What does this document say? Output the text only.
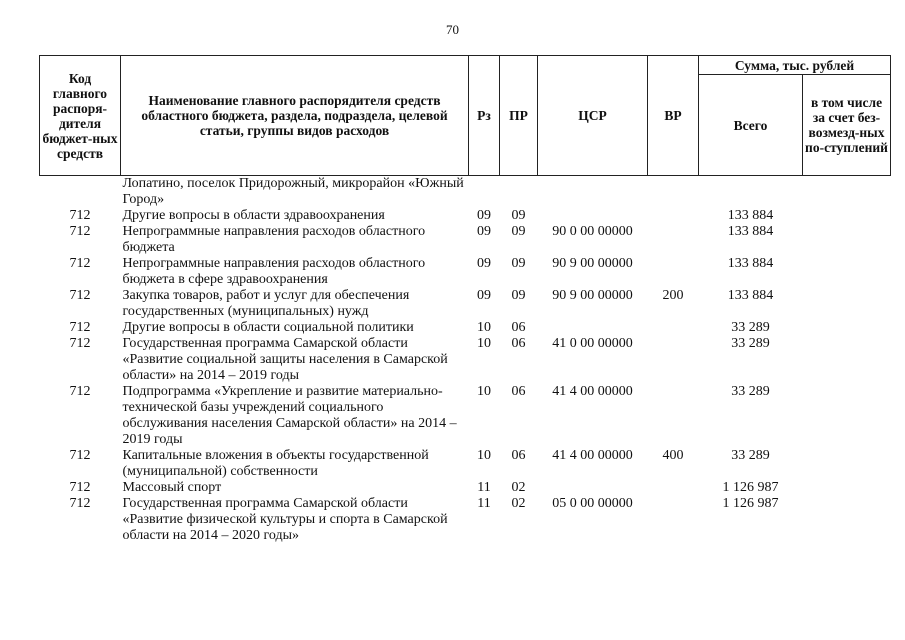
70
Код главного распоря-дителя бюджет-ных средств	Наименование главного распорядителя средств областного бюджета, раздела, подраздела, целевой статьи, группы видов расходов	Рз	ПР	ЦСР	ВР	Сумма, тыс. рублей	
						Всего	в том числе за счет без-возмезд-ных по-ступлений
	Лопатино, поселок Придорожный, микрорайон «Южный Город»						
712	Другие вопросы в области здравоохранения	09	09			133 884	
712	Непрограммные направления расходов областного бюджета	09	09	90 0 00 00000		133 884	
712	Непрограммные направления расходов областного бюджета в сфере здравоохранения	09	09	90 9 00 00000		133 884	
712	Закупка товаров, работ и услуг для обеспечения государственных (муниципальных) нужд	09	09	90 9 00 00000	200	133 884	
712	Другие вопросы в области социальной политики	10	06			33 289	
712	Государственная программа Самарской области «Развитие социальной защиты населения в Самарской области» на 2014 – 2019 годы	10	06	41 0 00 00000		33 289	
712	Подпрограмма «Укрепление и развитие материально-технической базы учреждений социального обслуживания населения Самарской области» на 2014 – 2019 годы	10	06	41 4 00 00000		33 289	
712	Капитальные вложения в объекты государственной (муниципальной) собственности	10	06	41 4 00 00000	400	33 289	
712	Массовый спорт	11	02			1 126 987	
712	Государственная программа Самарской области «Развитие физической культуры и спорта в Самарской области на 2014 – 2020 годы»	11	02	05 0 00 00000		1 126 987	
